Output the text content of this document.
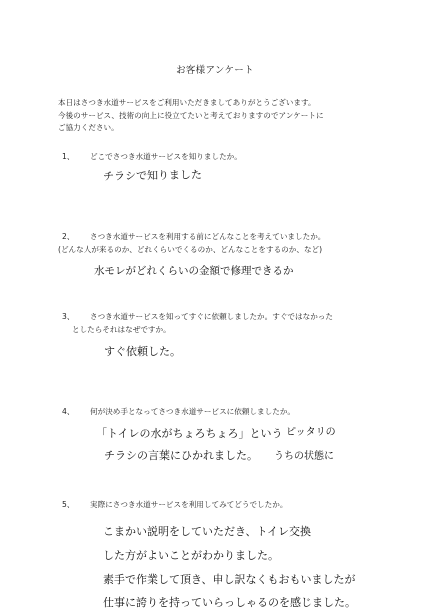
お客様アンケート
本日はさつき水道サービスをご利用いただきましてありがとうございます。
今後のサービス、技術の向上に役立てたいと考えておりますのでアンケートに
ご協力ください。
1、 どこでさつき水道サービスを知りましたか。
チラシで知りました
2、 さつき水道サービスを利用する前にどんなことを考えていましたか。
(どんな人が来るのか、どれくらいでくるのか、どんなことをするのか、など)
水モレがどれくらいの金額で修理できるか
3、 さつき水道サービスを知ってすぐに依頼しましたか。すぐではなかった
としたらそれはなぜですか。
すぐ依頼した。
4、 何が決め手となってさつき水道サービスに依頼しましたか。
「トイレの水がちょろちょろ」という ピッタリの
チラシの言葉にひかれました。 うちの状態に
5、 実際にさつき水道サービスを利用してみてどうでしたか。
こまかい説明をしていただき、トイレ交換
した方がよいことがわかりました。
素手で作業して頂き、申し訳なくもおもいましたが
仕事に誇りを持っていらっしゃるのを感じました。
